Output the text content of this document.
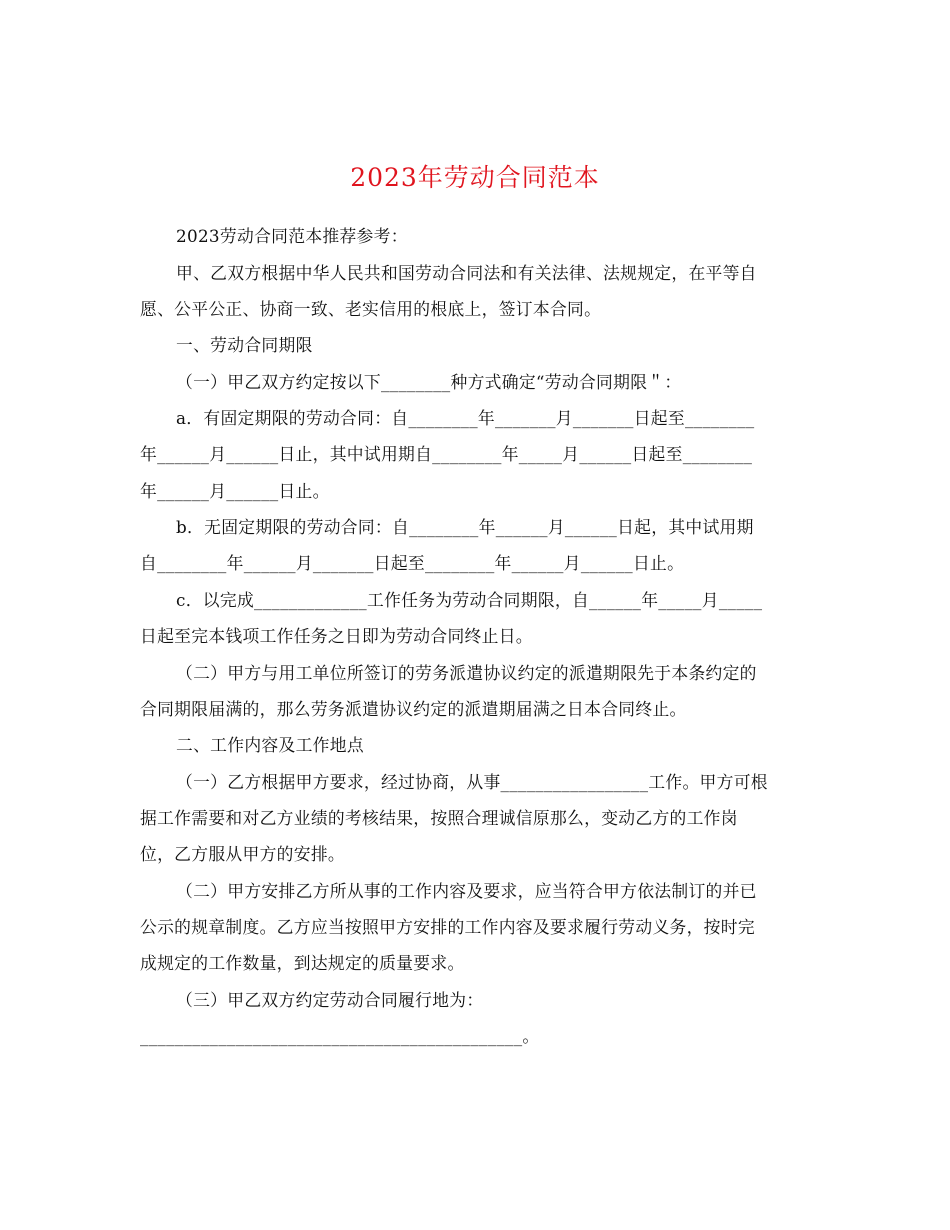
2023年劳动合同范本
2023劳动合同范本推荐参考：
甲、乙双方根据中华人民共和国劳动合同法和有关法律、法规规定，在平等自
愿、公平公正、协商一致、老实信用的根底上，签订本合同。
一、劳动合同期限
（一）甲乙双方约定按以下________种方式确定“劳动合同期限＂：
a．有固定期限的劳动合同：自________年_______月_______日起至________
年______月______日止，其中试用期自________年_____月______日起至________
年______月______日止。
b．无固定期限的劳动合同：自________年______月______日起，其中试用期
自________年______月_______日起至________年______月______日止。
c．以完成_____________工作任务为劳动合同期限，自______年_____月_____
日起至完本钱项工作任务之日即为劳动合同终止日。
（二）甲方与用工单位所签订的劳务派遣协议约定的派遣期限先于本条约定的
合同期限届满的，那么劳务派遣协议约定的派遣期届满之日本合同终止。
二、工作内容及工作地点
（一）乙方根据甲方要求，经过协商，从事_________________工作。甲方可根
据工作需要和对乙方业绩的考核结果，按照合理诚信原那么，变动乙方的工作岗
位，乙方服从甲方的安排。
（二）甲方安排乙方所从事的工作内容及要求，应当符合甲方依法制订的并已
公示的规章制度。乙方应当按照甲方安排的工作内容及要求履行劳动义务，按时完
成规定的工作数量，到达规定的质量要求。
（三）甲乙双方约定劳动合同履行地为：
____________________________________________。
